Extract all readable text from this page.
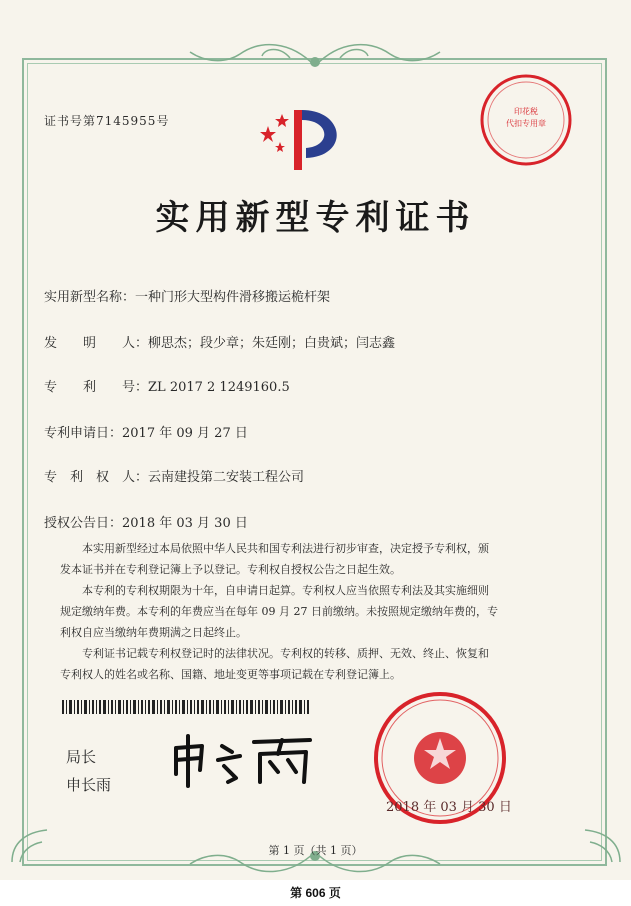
证书号第7145955号
印花税
代扣专用章
实用新型专利证书
实用新型名称：一种门形大型构件滑移搬运桅杆架
发　　明　　人：柳思杰；段少章；朱廷刚；白贵斌；闫志鑫
专　　利　　号：ZL 2017 2 1249160.5
专利申请日：2017 年 09 月 27 日
专　利　权　人：云南建投第二安装工程公司
授权公告日：2018 年 03 月 30 日

本实用新型经过本局依照中华人民共和国专利法进行初步审查，决定授予专利权，颁

发本证书并在专利登记簿上予以登记。专利权自授权公告之日起生效。

本专利的专利权期限为十年，自申请日起算。专利权人应当依照专利法及其实施细则

规定缴纳年费。本专利的年费应当在每年 09 月 27 日前缴纳。未按照规定缴纳年费的，专

利权自应当缴纳年费期满之日起终止。

专利证书记载专利权登记时的法律状况。专利权的转移、质押、无效、终止、恢复和

专利权人的姓名或名称、国籍、地址变更等事项记载在专利登记簿上。

局长
申长雨
2018 年 03 月 30 日
第 1 页（共 1 页）
第 606 页
